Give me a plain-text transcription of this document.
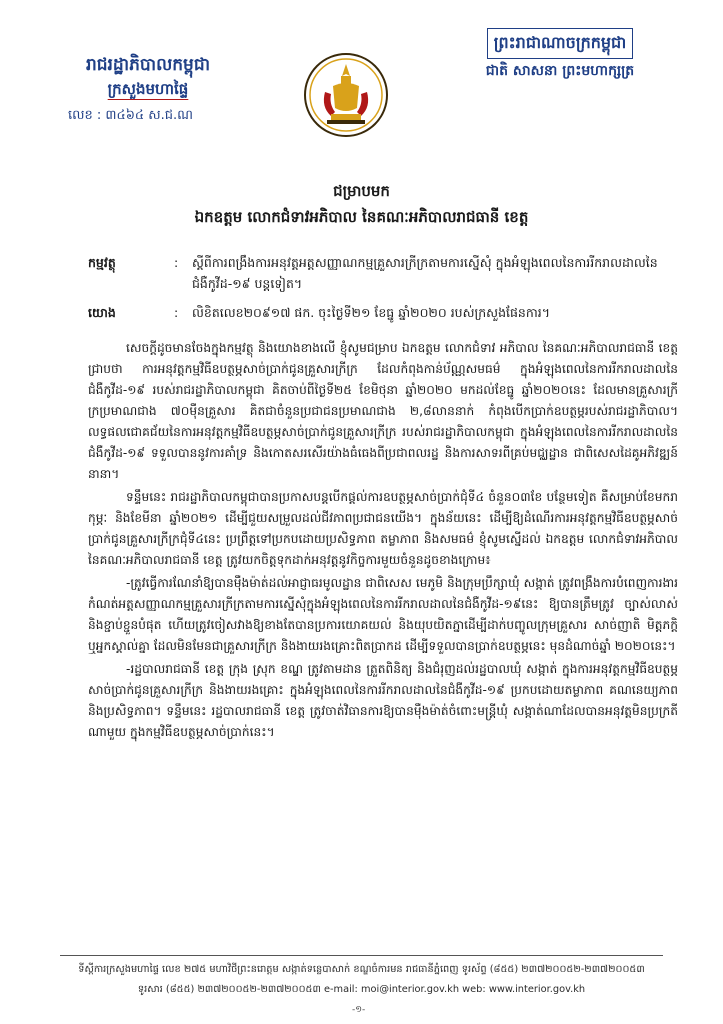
រាជរដ្ឋាភិបាលកម្ពុជា
ក្រសួងមហាផ្ទៃ
លេខ : ៣៤៦៤ ស.ជ.ណ
ព្រះរាជាណាចក្រកម្ពុជា
ជាតិ សាសនា ព្រះមហាក្សត្រ
ជម្រាបមក
ឯកឧត្តម លោកជំទាវអភិបាល នៃគណៈអភិបាលរាជធានី ខេត្ត
កម្មវត្ថុ	:	ស្តីពីការពង្រឹងការអនុវត្តអត្តសញ្ញាណកម្មគ្រួសារក្រីក្រតាមការស្នើសុំ ក្នុងអំឡុងពេលនៃការរីករាលដាលនៃជំងឺកូវីដ-១៩ បន្តទៀត។
យោង	:	លិខិតលេខ២០៩១៧ ផក. ចុះថ្ងៃទី២១ ខែធ្នូ ឆ្នាំ២០២០ របស់ក្រសួងផែនការ។

សេចក្តីដូចមានចែងក្នុងកម្មវត្ថុ និងយោងខាងលើ ខ្ញុំសូមជម្រាប ឯកឧត្តម លោកជំទាវ អភិបាល នៃគណៈអភិបាលរាជធានី ខេត្ត ជ្រាបថា ការអនុវត្តកម្មវិធីឧបត្ថម្ភសាច់ប្រាក់ជូនគ្រួសារក្រីក្រ ដែលកំពុងកាន់ប័ណ្ណសមធម៌ ក្នុងអំឡុងពេលនៃការរីករាលដាលនៃជំងឺកូវីដ-១៩ របស់រាជរដ្ឋាភិបាលកម្ពុជា គិតចាប់ពីថ្ងៃទី២៥ ខែមិថុនា ឆ្នាំ២០២០ មកដល់ខែធ្នូ ឆ្នាំ២០២០នេះ ដែលមានគ្រួសារក្រីក្រប្រមាណជាង ៧០ម៉ឺនគ្រួសារ គិតជាចំនួនប្រជាជនប្រមាណជាង ២,៨លាននាក់ កំពុងបើកប្រាក់ឧបត្ថម្ភរបស់រាជរដ្ឋាភិបាល។ លទ្ធផលជោគជ័យនៃការអនុវត្តកម្មវិធីឧបត្ថម្ភសាច់ប្រាក់ជូនគ្រួសារក្រីក្រ របស់រាជរដ្ឋាភិបាលកម្ពុជា ក្នុងអំឡុងពេលនៃការរីករាលដាលនៃជំងឺកូវីដ-១៩ ទទួលបាននូវការគាំទ្រ និងកោតសរសើរយ៉ាងធំធេងពីប្រជាពលរដ្ឋ និងការសាទរពីគ្រប់មជ្ឈដ្ឋាន ជាពិសេសដៃគូអភិវឌ្ឍន៍នានា។

ទន្ទឹមនេះ រាជរដ្ឋាភិបាលកម្ពុជាបានប្រកាសបន្តបើកផ្តល់ការឧបត្ថម្ភសាច់ប្រាក់ជុំទី៤ ចំនួន០៣ខែ បន្ថែមទៀត គឺសម្រាប់ខែមករា កុម្ភៈ និងខែមីនា ឆ្នាំ២០២១ ដើម្បីជួយសម្រួលដល់ជីវភាពប្រជាជនយើង។ ក្នុងន័យនេះ ដើម្បីឱ្យដំណើរការអនុវត្តកម្មវិធីឧបត្ថម្ភសាច់ប្រាក់ជូនគ្រួសារក្រីក្រជុំទី៤នេះ ប្រព្រឹត្តទៅប្រកបដោយប្រសិទ្ធភាព តម្លាភាព និងសមធម៌ ខ្ញុំសូមស្នើដល់ ឯកឧត្តម លោកជំទាវអភិបាល នៃគណៈអភិបាលរាជធានី ខេត្ត ត្រូវយកចិត្តទុកដាក់អនុវត្តនូវកិច្ចការមួយចំនួនដូចខាងក្រោម៖

-ត្រូវធ្វើការណែនាំឱ្យបានម៉ឺងម៉ាត់ដល់អាជ្ញាធរមូលដ្ឋាន ជាពិសេស មេភូមិ និងក្រុមប្រឹក្សាឃុំ សង្កាត់ ត្រូវពង្រឹងការបំពេញការងារកំណត់អត្តសញ្ញាណកម្មគ្រួសារក្រីក្រតាមការស្នើសុំក្នុងអំឡុងពេលនៃការរីករាលដាលនៃជំងឺកូវីដ-១៩នេះ ឱ្យបានត្រឹមត្រូវ ច្បាស់លាស់ និងខ្ជាប់ខ្ជួនបំផុត ហើយត្រូវចៀសវាងឱ្យខាងតែបានប្រការយោគយល់ និងយុបយិតភ្នាដើម្បីដាក់បញ្ចូលក្រុមគ្រួសារ សាច់ញាតិ មិត្តភក្តិ ឬអ្នកស្គាល់គ្នា ដែលមិនមែនជាគ្រួសារក្រីក្រ និងងាយរងគ្រោះពិតប្រាកដ ដើម្បីទទួលបានប្រាក់ឧបត្ថម្ភនេះ មុនដំណាច់ឆ្នាំ ២០២០នេះ។

-រដ្ឋបាលរាជធានី ខេត្ត ក្រុង ស្រុក ខណ្ឌ ត្រូវតាមដាន ត្រួតពិនិត្យ និងជំរុញដល់រដ្ឋបាលឃុំ សង្កាត់ ក្នុងការអនុវត្តកម្មវិធីឧបត្ថម្ភសាច់ប្រាក់ជូនគ្រួសារក្រីក្រ និងងាយរងគ្រោះ ក្នុងអំឡុងពេលនៃការរីករាលដាលនៃជំងឺកូវីដ-១៩ ប្រកបដោយតម្លាភាព គណនេយ្យភាព និងប្រសិទ្ធភាព។ ទន្ទឹមនេះ រដ្ឋបាលរាជធានី ខេត្ត ត្រូវចាត់វិធានការឱ្យបានម៉ឺងម៉ាត់ចំពោះមន្ត្រីឃុំ សង្កាត់ណាដែលបានអនុវត្តមិនប្រក្រតីណាមួយ ក្នុងកម្មវិធីឧបត្ថម្ភសាច់ប្រាក់នេះ។

ទីស្តីការក្រសួងមហាផ្ទៃ លេខ ២៧៥ មហាវិថីព្រះនរោត្តម សង្កាត់ទន្លេបាសាក់ ខណ្ឌចំការមន រាជធានីភ្នំពេញ ទូរស័ព្ទ (៨៥៥) ២៣៧២០០៥២-២៣៧២០០៥៣
ទូរសារ (៨៥៥) ២៣៧២០០៥២-២៣៧២០០៥៣ e-mail: moi@interior.gov.kh web: www.interior.gov.kh
-១-
